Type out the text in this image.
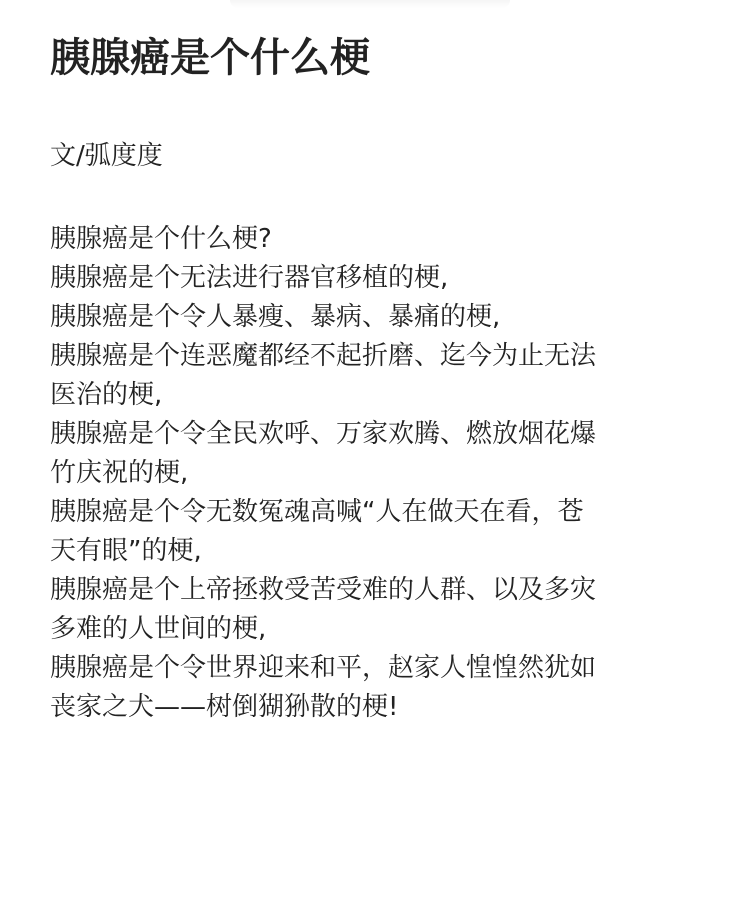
胰腺癌是个什么梗
文/弧度度
胰腺癌是个什么梗?
胰腺癌是个无法进行器官移植的梗,
胰腺癌是个令人暴瘦、暴病、暴痛的梗,
胰腺癌是个连恶魔都经不起折磨、迄今为止无法
医治的梗,
胰腺癌是个令全民欢呼、万家欢腾、燃放烟花爆
竹庆祝的梗,
胰腺癌是个令无数冤魂高喊“人在做天在看，苍
天有眼”的梗,
胰腺癌是个上帝拯救受苦受难的人群、以及多灾
多难的人世间的梗,
胰腺癌是个令世界迎来和平，赵家人惶惶然犹如
丧家之犬——树倒猢狲散的梗!
